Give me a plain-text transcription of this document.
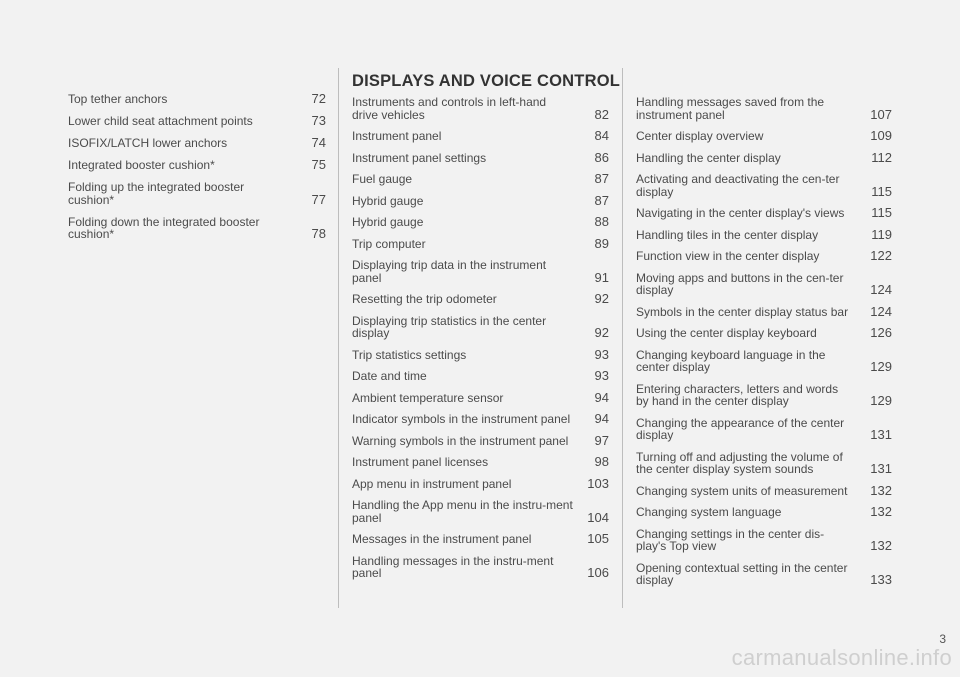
DISPLAYS AND VOICE CONTROL
Top tether anchors	72
Lower child seat attachment points	73
ISOFIX/LATCH lower anchors	74
Integrated booster cushion*	75
Folding up the integrated booster cushion*	77
Folding down the integrated booster cushion*	78
Instruments and controls in left-hand drive vehicles	82
Instrument panel	84
Instrument panel settings	86
Fuel gauge	87
Hybrid gauge	87
Hybrid gauge	88
Trip computer	89
Displaying trip data in the instrument panel	91
Resetting the trip odometer	92
Displaying trip statistics in the center display	92
Trip statistics settings	93
Date and time	93
Ambient temperature sensor	94
Indicator symbols in the instrument panel 94
Warning symbols in the instrument panel 97
Instrument panel licenses	98
App menu in instrument panel	103
Handling the App menu in the instru-ment panel	104
Messages in the instrument panel	105
Handling messages in the instru-ment panel	106
Handling messages saved from the instrument panel	107
Center display overview	109
Handling the center display	112
Activating and deactivating the cen-ter display	115
Navigating in the center display's views 115
Handling tiles in the center display	119
Function view in the center display	122
Moving apps and buttons in the cen-ter display	124
Symbols in the center display status bar 124
Using the center display keyboard	126
Changing keyboard language in the center display	129
Entering characters, letters and words by hand in the center display	129
Changing the appearance of the center display	131
Turning off and adjusting the volume of the center display system sounds	131
Changing system units of measurement 132
Changing system language	132
Changing settings in the center dis-play's Top view	132
Opening contextual setting in the center display	133
3
carmanualsonline.info
